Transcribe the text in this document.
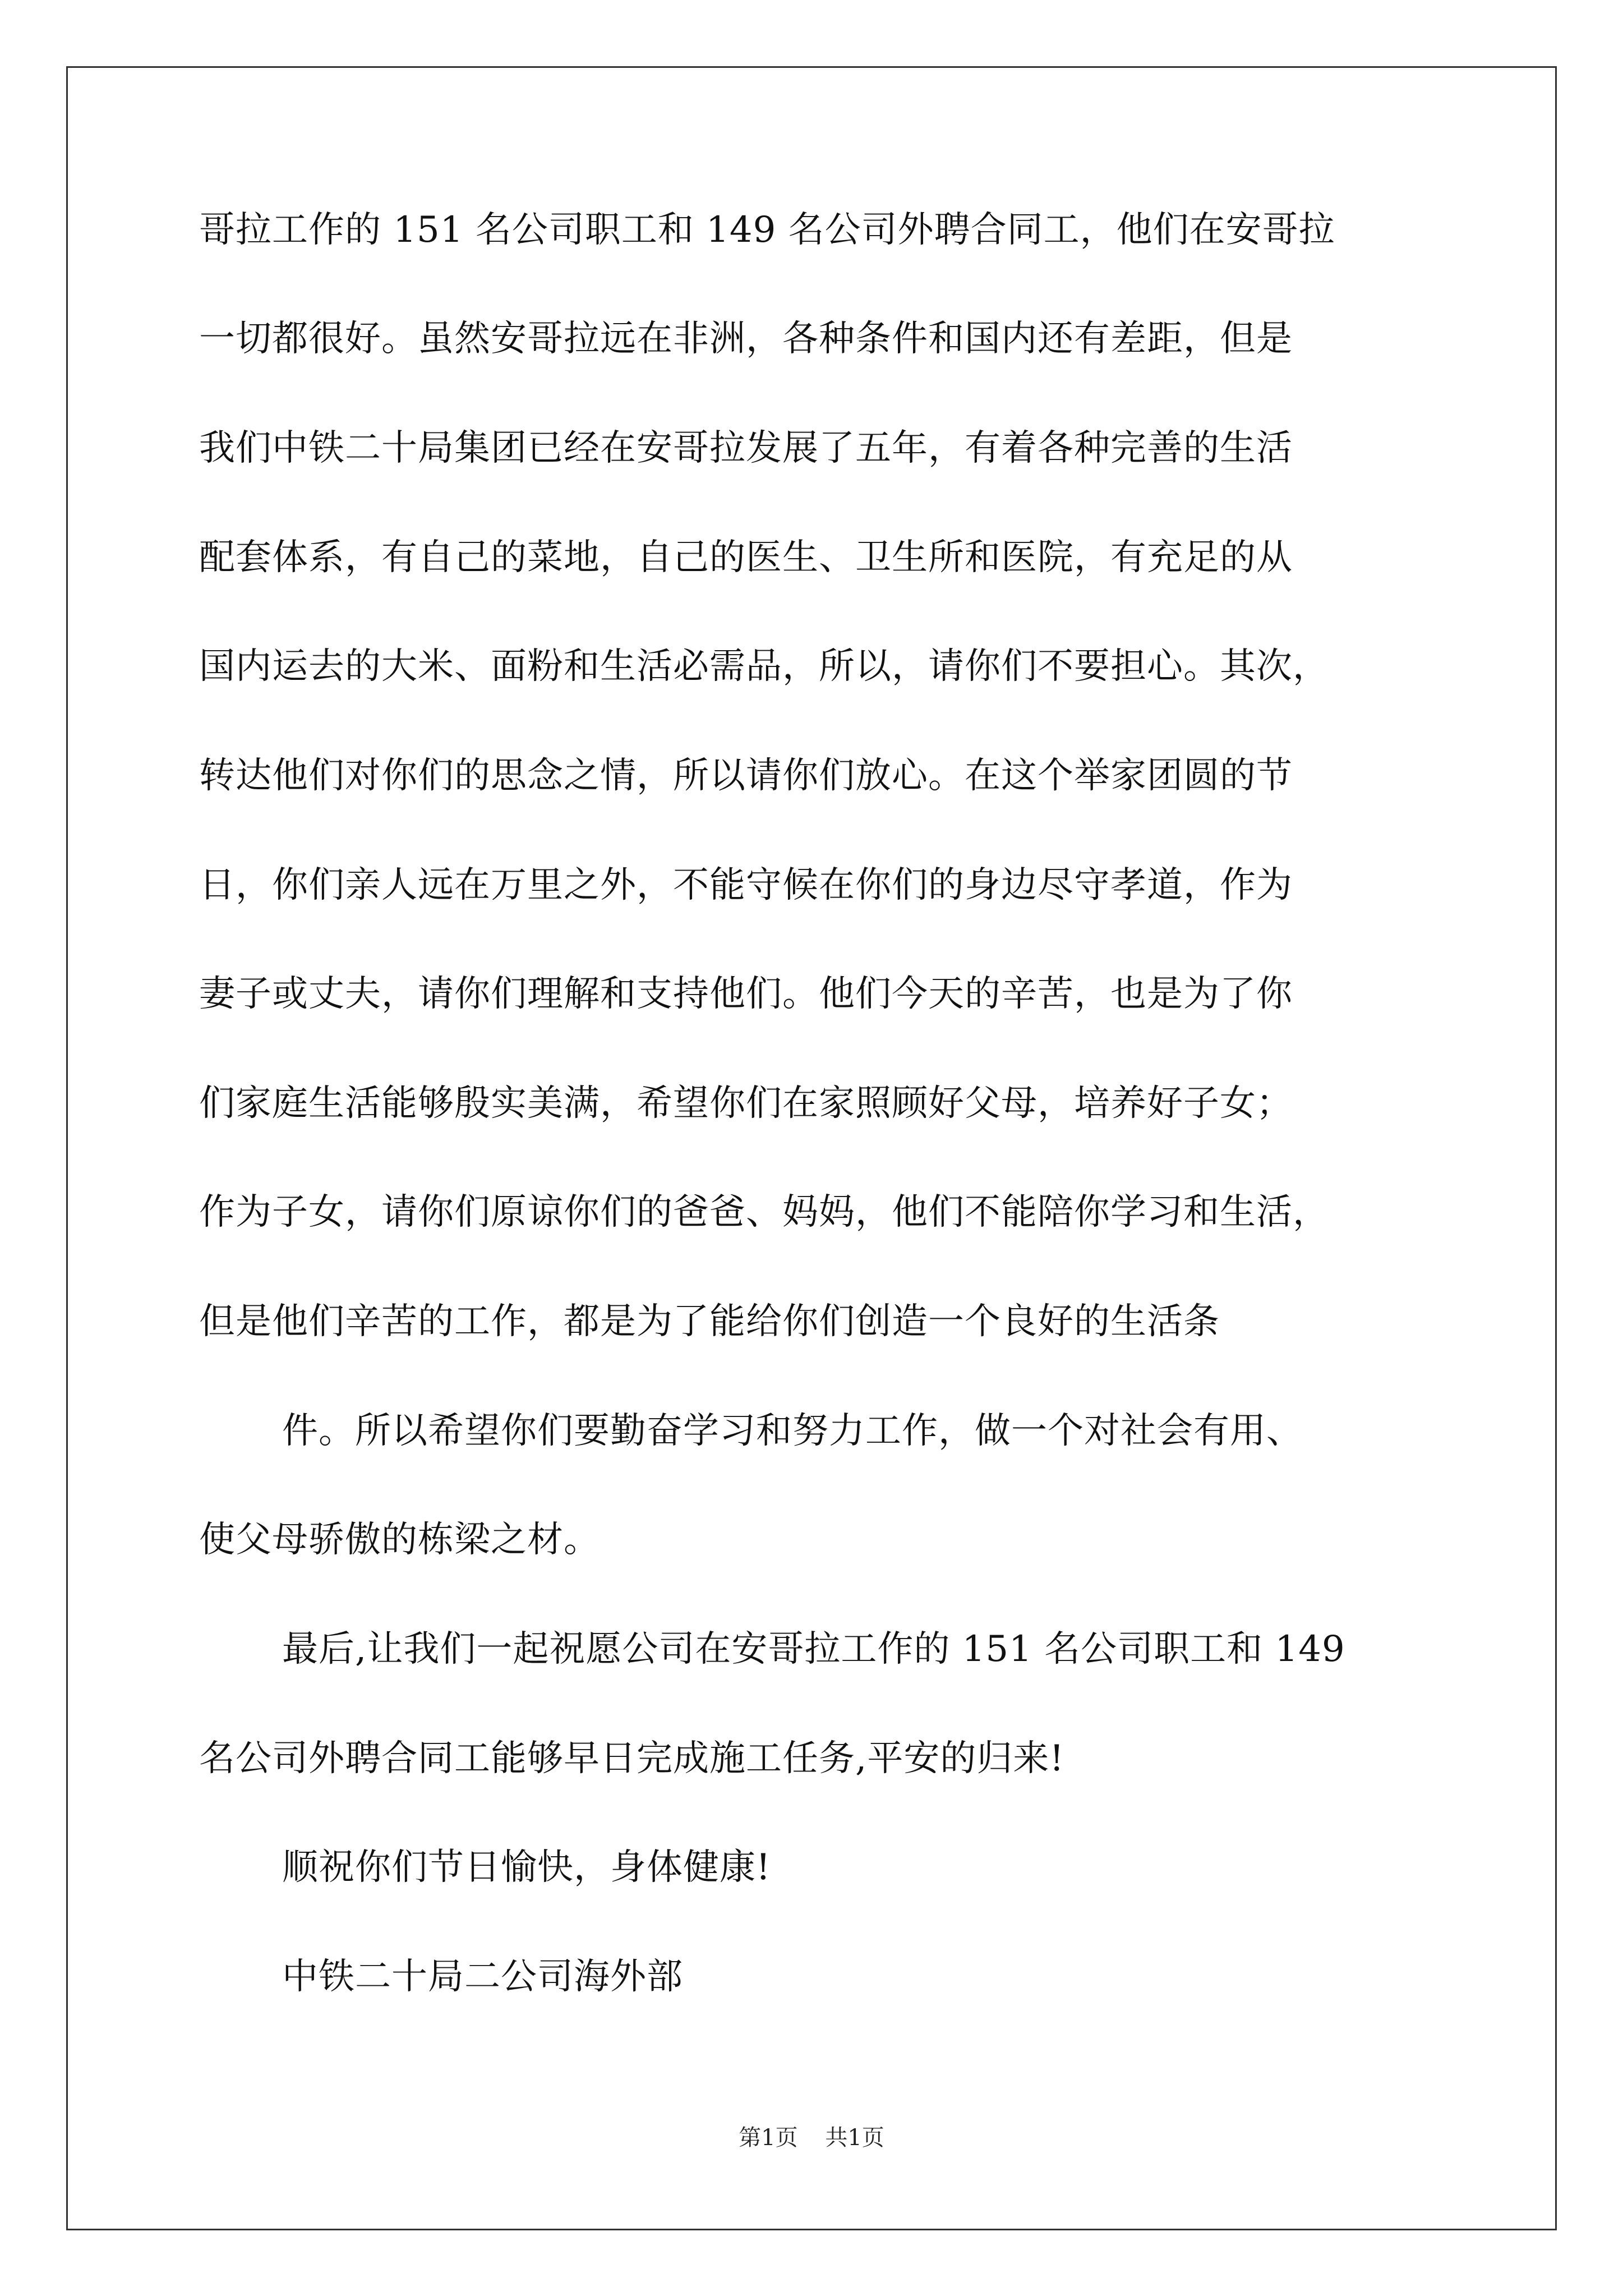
哥拉工作的 151 名公司职工和 149 名公司外聘合同工，他们在安哥拉
一切都很好。虽然安哥拉远在非洲，各种条件和国内还有差距，但是
我们中铁二十局集团已经在安哥拉发展了五年，有着各种完善的生活
配套体系，有自己的菜地，自己的医生、卫生所和医院，有充足的从
国内运去的大米、面粉和生活必需品，所以，请你们不要担心。其次，
转达他们对你们的思念之情，所以请你们放心。在这个举家团圆的节
日，你们亲人远在万里之外，不能守候在你们的身边尽守孝道，作为
妻子或丈夫，请你们理解和支持他们。他们今天的辛苦，也是为了你
们家庭生活能够殷实美满，希望你们在家照顾好父母，培养好子女；
作为子女，请你们原谅你们的爸爸、妈妈，他们不能陪你学习和生活，
但是他们辛苦的工作，都是为了能给你们创造一个良好的生活条
件。所以希望你们要勤奋学习和努力工作，做一个对社会有用、
使父母骄傲的栋梁之材。
最后,让我们一起祝愿公司在安哥拉工作的 151 名公司职工和 149
名公司外聘合同工能够早日完成施工任务,平安的归来!
顺祝你们节日愉快，身体健康!
中铁二十局二公司海外部
第1页 共1页
